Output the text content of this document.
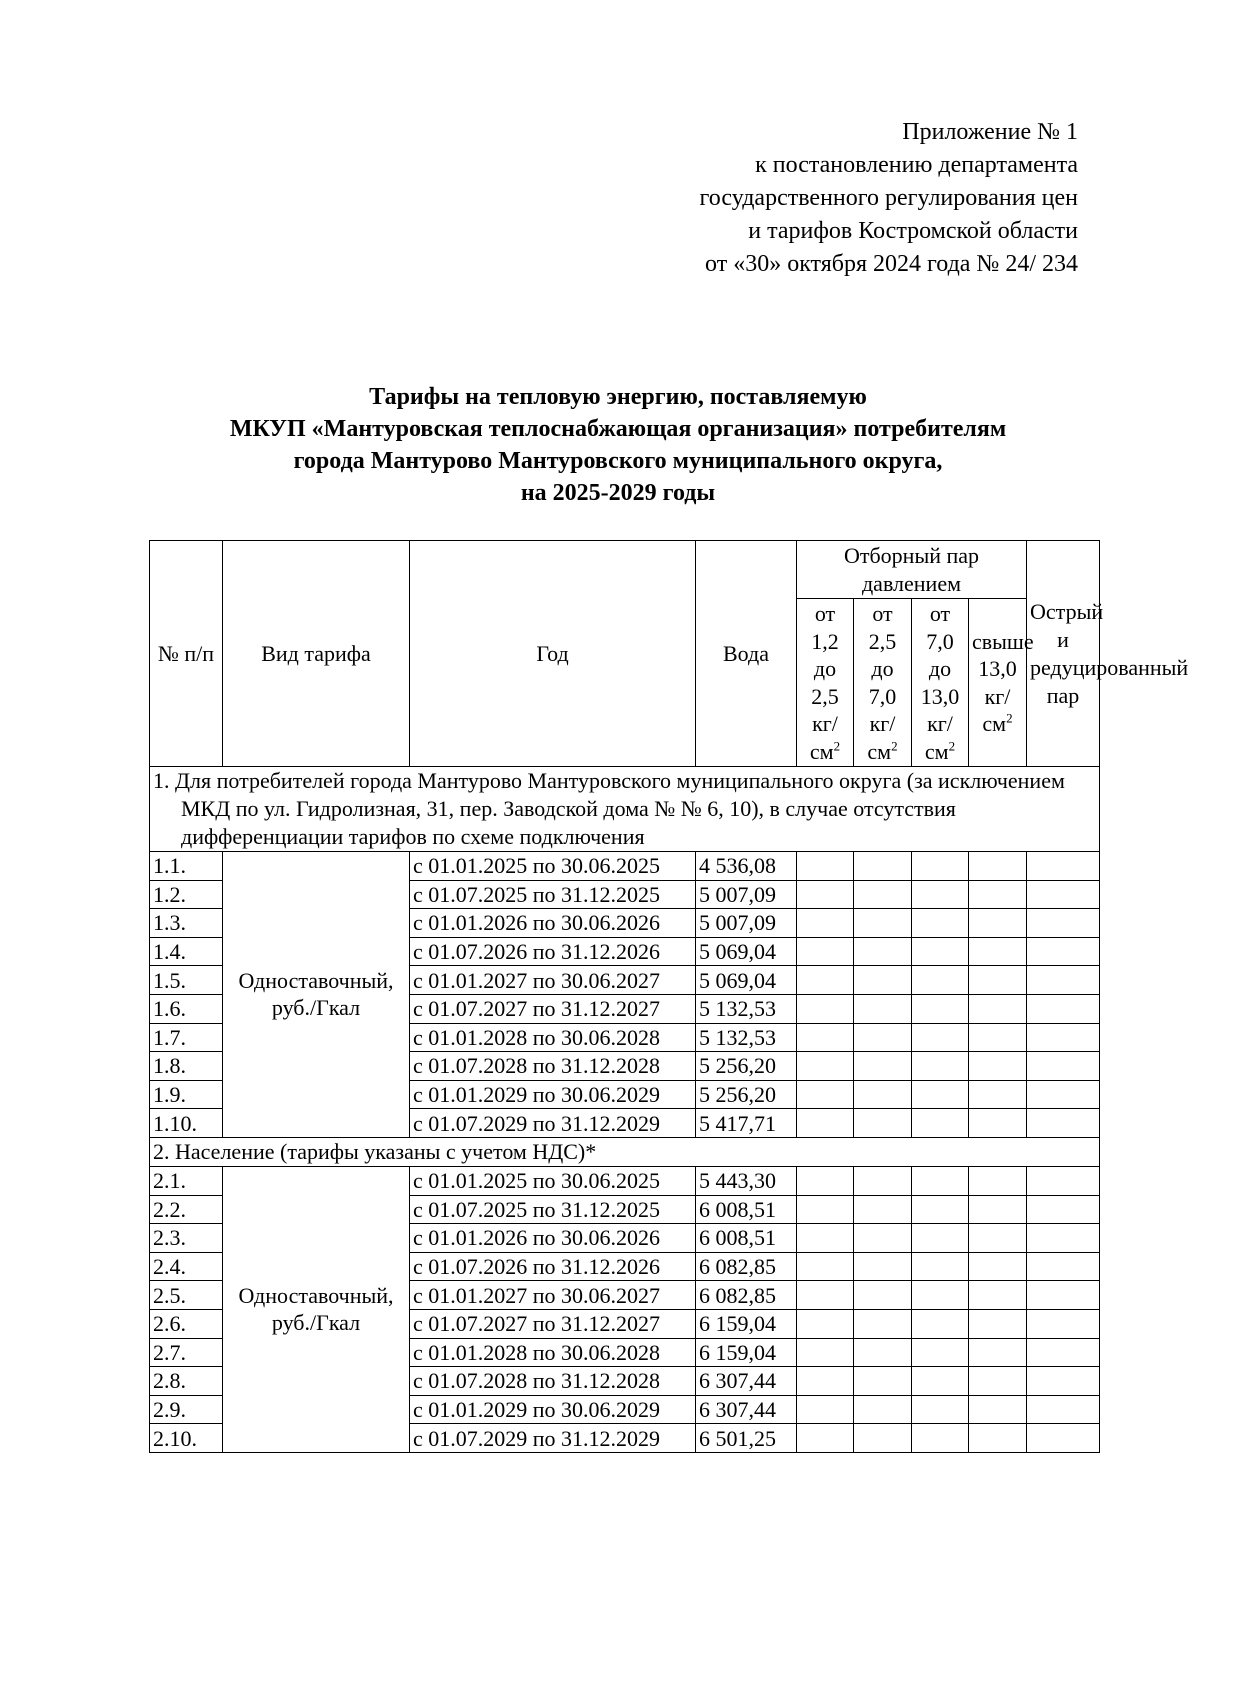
Приложение № 1
к постановлению департамента
государственного регулирования цен
и тарифов Костромской области
от «30» октября 2024 года № 24/ 234
Тарифы на тепловую энергию, поставляемую
МКУП «Мантуровская теплоснабжающая организация» потребителям
города Мантурово Мантуровского муниципального округа,
на 2025-2029 годы
№ п/п	Вид тарифа	Год	Вода	Отборный пар давлением				Острый и редуцированный пар
				от 1,2 до 2,5 $кг/см^2$	от 2,5 до 7,0 $кг/см^2$	от 7,0 до 13,0 $кг/см^2$	свыше 13,0 $кг/см^2$

1. Для потребителей города Мантурово Мантуровского муниципального округа (за исключением МКД по ул. Гидролизная, 31, пер. Заводской дома № № 6, 10), в случае отсутствия дифференциации тарифов по схеме подключения								

1.1.	Одноставочный, руб./Гкал	с 01.01.2025 по 30.06.2025	4 536,08					
1.2.		с 01.07.2025 по 31.12.2025	5 007,09					
1.3.		с 01.01.2026 по 30.06.2026	5 007,09					
1.4.		с 01.07.2026 по 31.12.2026	5 069,04					
1.5.		с 01.01.2027 по 30.06.2027	5 069,04					
1.6.		с 01.07.2027 по 31.12.2027	5 132,53					
1.7.		с 01.01.2028 по 30.06.2028	5 132,53					
1.8.		с 01.07.2028 по 31.12.2028	5 256,20					
1.9.		с 01.01.2029 по 30.06.2029	5 256,20					
1.10.		с 01.07.2029 по 31.12.2029	5 417,71					

2. Население (тарифы указаны с учетом НДС)*								

2.1.	Одноставочный, руб./Гкал	с 01.01.2025 по 30.06.2025	5 443,30					
2.2.		с 01.07.2025 по 31.12.2025	6 008,51					
2.3.		с 01.01.2026 по 30.06.2026	6 008,51					
2.4.		с 01.07.2026 по 31.12.2026	6 082,85					
2.5.		с 01.01.2027 по 30.06.2027	6 082,85					
2.6.		с 01.07.2027 по 31.12.2027	6 159,04					
2.7.		с 01.01.2028 по 30.06.2028	6 159,04					
2.8.		с 01.07.2028 по 31.12.2028	6 307,44					
2.9.		с 01.01.2029 по 30.06.2029	6 307,44					
2.10.		с 01.07.2029 по 31.12.2029	6 501,25					
